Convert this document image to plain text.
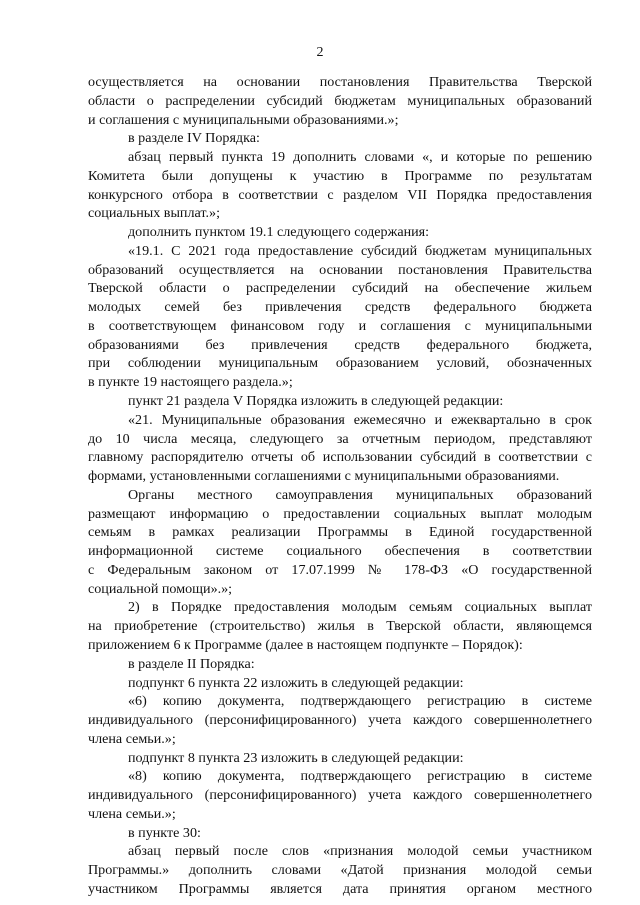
2
осуществляется на основании постановления Правительства Тверской
области о распределении субсидий бюджетам муниципальных образований
и соглашения с муниципальными образованиями.»;
в разделе IV Порядка:
абзац первый пункта 19 дополнить словами «, и которые по решению
Комитета были допущены к участию в Программе по результатам
конкурсного отбора в соответствии с разделом VII Порядка предоставления
социальных выплат.»;
дополнить пунктом 19.1 следующего содержания:
«19.1. С 2021 года предоставление субсидий бюджетам муниципальных
образований осуществляется на основании постановления Правительства
Тверской области о распределении субсидий на обеспечение жильем
молодых семей без привлечения средств федерального бюджета
в соответствующем финансовом году и соглашения с муниципальными
образованиями без привлечения средств федерального бюджета,
при соблюдении муниципальным образованием условий, обозначенных
в пункте 19 настоящего раздела.»;
пункт 21 раздела V Порядка изложить в следующей редакции:
«21. Муниципальные образования ежемесячно и ежеквартально в срок
до 10 числа месяца, следующего за отчетным периодом, представляют
главному распорядителю отчеты об использовании субсидий в соответствии с
формами, установленными соглашениями с муниципальными образованиями.
Органы местного самоуправления муниципальных образований
размещают информацию о предоставлении социальных выплат молодым
семьям в рамках реализации Программы в Единой государственной
информационной системе социального обеспечения в соответствии
с Федеральным законом от 17.07.1999 № 178-ФЗ «О государственной
социальной помощи».»;
2) в Порядке предоставления молодым семьям социальных выплат
на приобретение (строительство) жилья в Тверской области, являющемся
приложением 6 к Программе (далее в настоящем подпункте – Порядок):
в разделе II Порядка:
подпункт 6 пункта 22 изложить в следующей редакции:
«6) копию документа, подтверждающего регистрацию в системе
индивидуального (персонифицированного) учета каждого совершеннолетнего
члена семьи.»;
подпункт 8 пункта 23 изложить в следующей редакции:
«8) копию документа, подтверждающего регистрацию в системе
индивидуального (персонифицированного) учета каждого совершеннолетнего
члена семьи.»;
в пункте 30:
абзац первый после слов «признания молодой семьи участником
Программы.» дополнить словами «Датой признания молодой семьи
участником Программы является дата принятия органом местного
